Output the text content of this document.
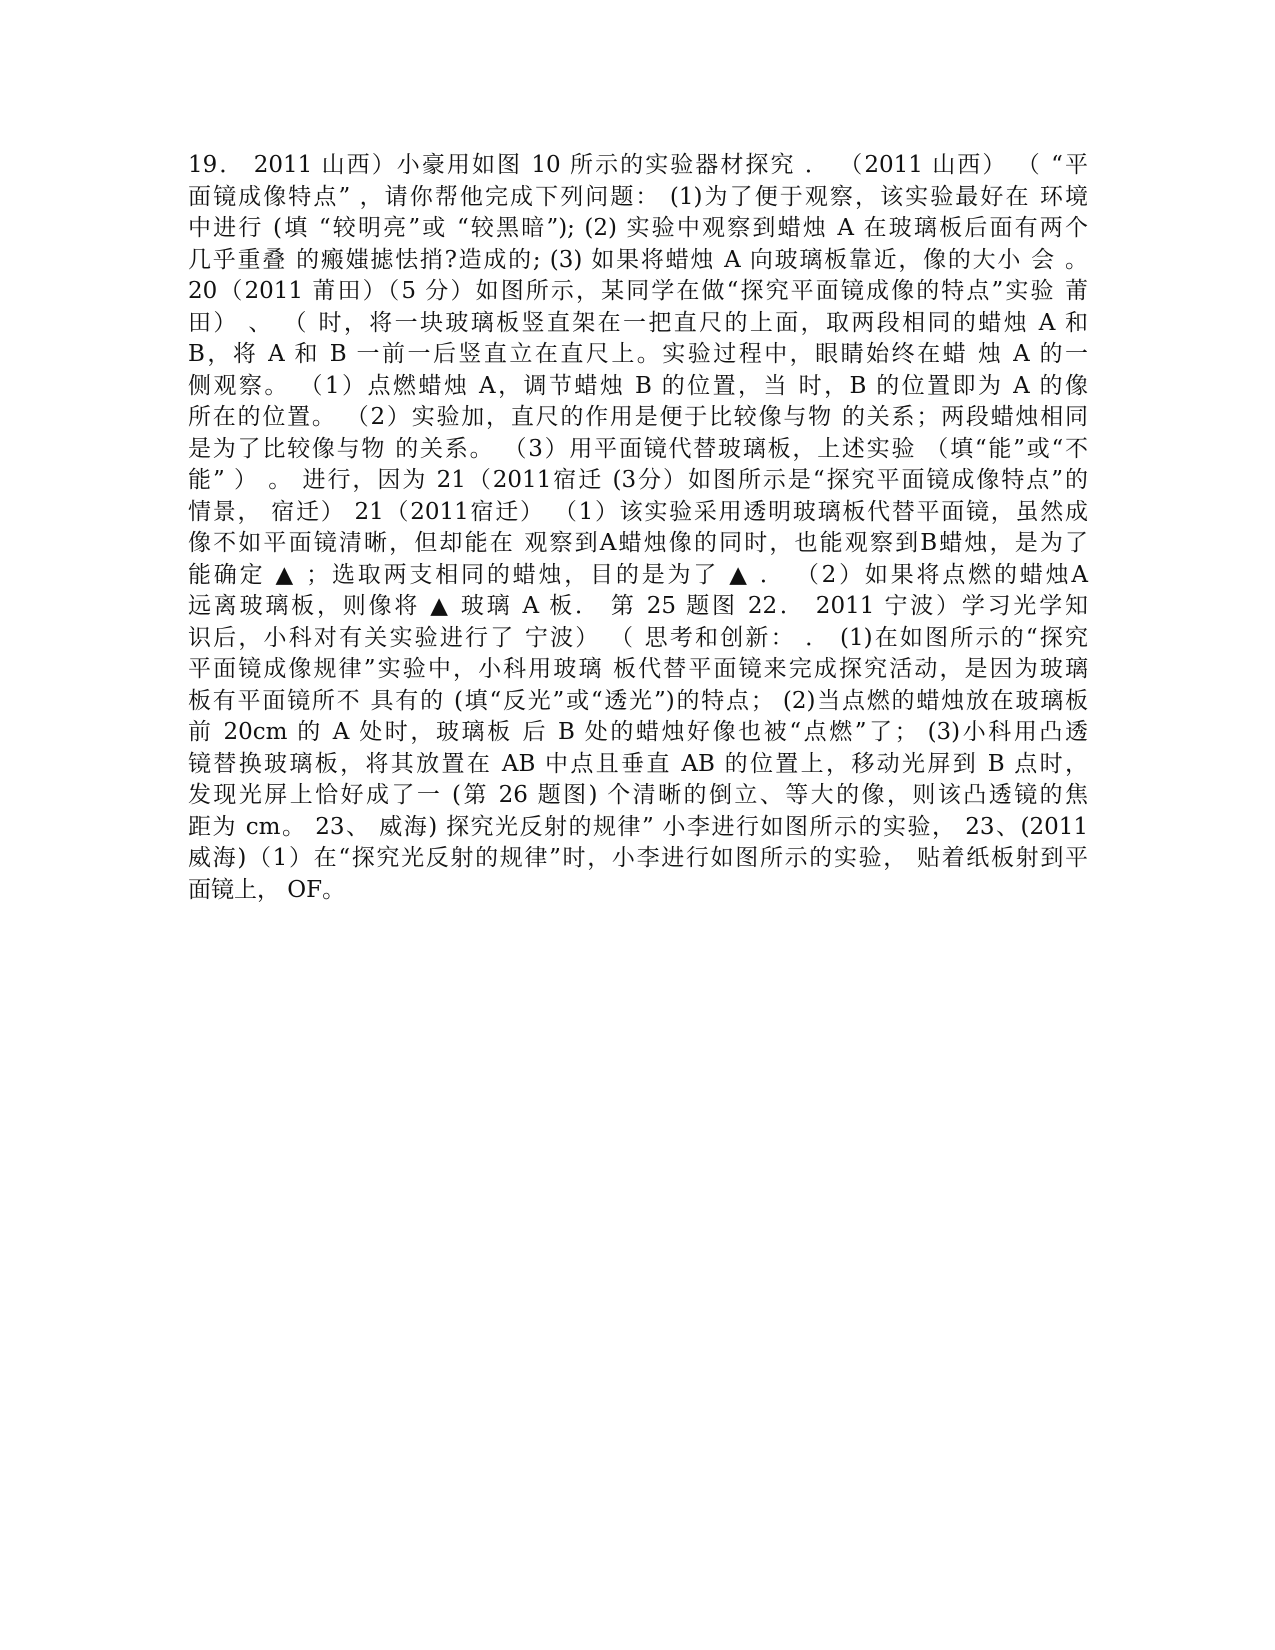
19． 2011 山西）小豪用如图 10 所示的实验器材探究 ． （2011 山西） （ “平
面镜成像特点” ，请你帮他完成下列问题： (1)为了便于观察，该实验最好在 环境
中进行 (填 “较明亮”或 “较黑暗”); (2) 实验中观察到蜡烛 A 在玻璃板后面有两个
几乎重叠 的瘢媸摅怯捎?造成的; (3) 如果将蜡烛 A 向玻璃板靠近，像的大小 会 。
20（2011 莆田）（5 分）如图所示，某同学在做“探究平面镜成像的特点”实验 莆
田） 、 （ 时，将一块玻璃板竖直架在一把直尺的上面，取两段相同的蜡烛 A 和
B，将 A 和 B 一前一后竖直立在直尺上。实验过程中，眼睛始终在蜡 烛 A 的一
侧观察。 （1）点燃蜡烛 A，调节蜡烛 B 的位置，当 时，B 的位置即为 A 的像
所在的位置。 （2）实验加，直尺的作用是便于比较像与物 的关系；两段蜡烛相同
是为了比较像与物 的关系。 （3）用平面镜代替玻璃板，上述实验 （填“能”或“不
能” ） 。 进行，因为 21（2011宿迁 (3分）如图所示是“探究平面镜成像特点”的
情景， 宿迁） 21（2011宿迁） （1）该实验采用透明玻璃板代替平面镜，虽然成
像不如平面镜清晰，但却能在 观察到A蜡烛像的同时，也能观察到B蜡烛，是为了
能确定 ▲ ；选取两支相同的蜡烛，目的是为了 ▲ ． （2）如果将点燃的蜡烛A
远离玻璃板，则像将 ▲ 玻璃 A 板． 第 25 题图 22． 2011 宁波）学习光学知
识后，小科对有关实验进行了 宁波） （ 思考和创新： ． (1)在如图所示的“探究
平面镜成像规律”实验中，小科用玻璃 板代替平面镜来完成探究活动，是因为玻璃
板有平面镜所不 具有的 (填“反光”或“透光”)的特点； (2)当点燃的蜡烛放在玻璃板
前 20cm 的 A 处时，玻璃板 后 B 处的蜡烛好像也被“点燃”了； (3)小科用凸透
镜替换玻璃板，将其放置在 AB 中点且垂直 AB 的位置上，移动光屏到 B 点时，
发现光屏上恰好成了一 (第 26 题图) 个清晰的倒立、等大的像，则该凸透镜的焦
距为 cm。 23、 威海) 探究光反射的规律” 小李进行如图所示的实验， 23、(2011
威海)（1）在“探究光反射的规律”时，小李进行如图所示的实验， 贴着纸板射到平
面镜上， OF。
